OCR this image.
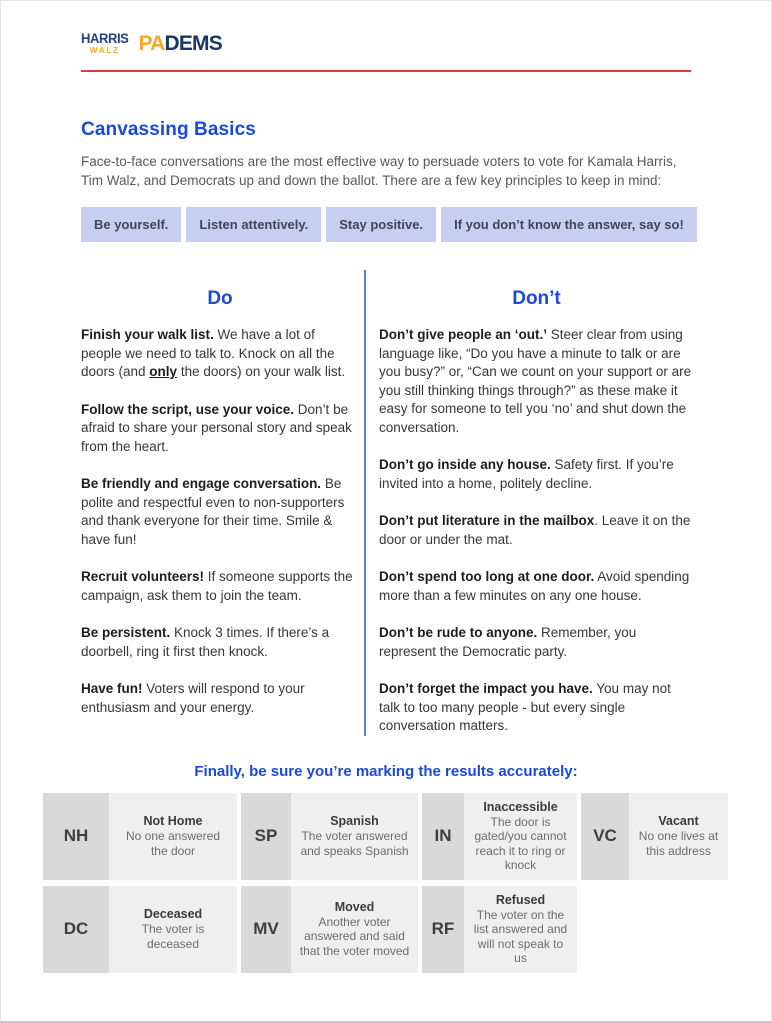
HARRIS
WALZ PADEMS
Canvassing Basics

Face-to-face conversations are the most effective way to persuade voters to vote for Kamala Harris, Tim Walz, and Democrats up and down the ballot. There are a few key principles to keep in mind:

Be yourself.	Listen attentively.	Stay positive.	If you don’t know the answer, say so!
Do

Finish your walk list. We have a lot of people we need to talk to. Knock on all the doors (and only the doors) on your walk list.

Follow the script, use your voice. Don’t be afraid to share your personal story and speak from the heart.

Be friendly and engage conversation. Be polite and respectful even to non-supporters and thank everyone for their time. Smile & have fun!

Recruit volunteers! If someone supports the campaign, ask them to join the team.

Be persistent. Knock 3 times. If there’s a doorbell, ring it first then knock.

Have fun! Voters will respond to your enthusiasm and your energy.

Don’t

Don’t give people an ‘out.’ Steer clear from using language like, “Do you have a minute to talk or are you busy?” or, “Can we count on your support or are you still thinking things through?” as these make it easy for someone to tell you ‘no’ and shut down the conversation.

Don’t go inside any house. Safety first. If you’re invited into a home, politely decline.

Don’t put literature in the mailbox. Leave it on the door or under the mat.

Don’t spend too long at one door. Avoid spending more than a few minutes on any one house.

Don’t be rude to anyone. Remember, you represent the Democratic party.

Don’t forget the impact you have. You may not talk to too many people - but every single conversation matters.

Finally, be sure you’re marking the results accurately:
NH
Not Home
No one answered the door
SP
Spanish
The voter answered and speaks Spanish
IN
Inaccessible
The door is gated/you cannot reach it to ring or knock
VC
Vacant
No one lives at this address
DC
Deceased
The voter is deceased
MV
Moved
Another voter answered and said that the voter moved
RF
Refused
The voter on the list answered and will not speak to us
